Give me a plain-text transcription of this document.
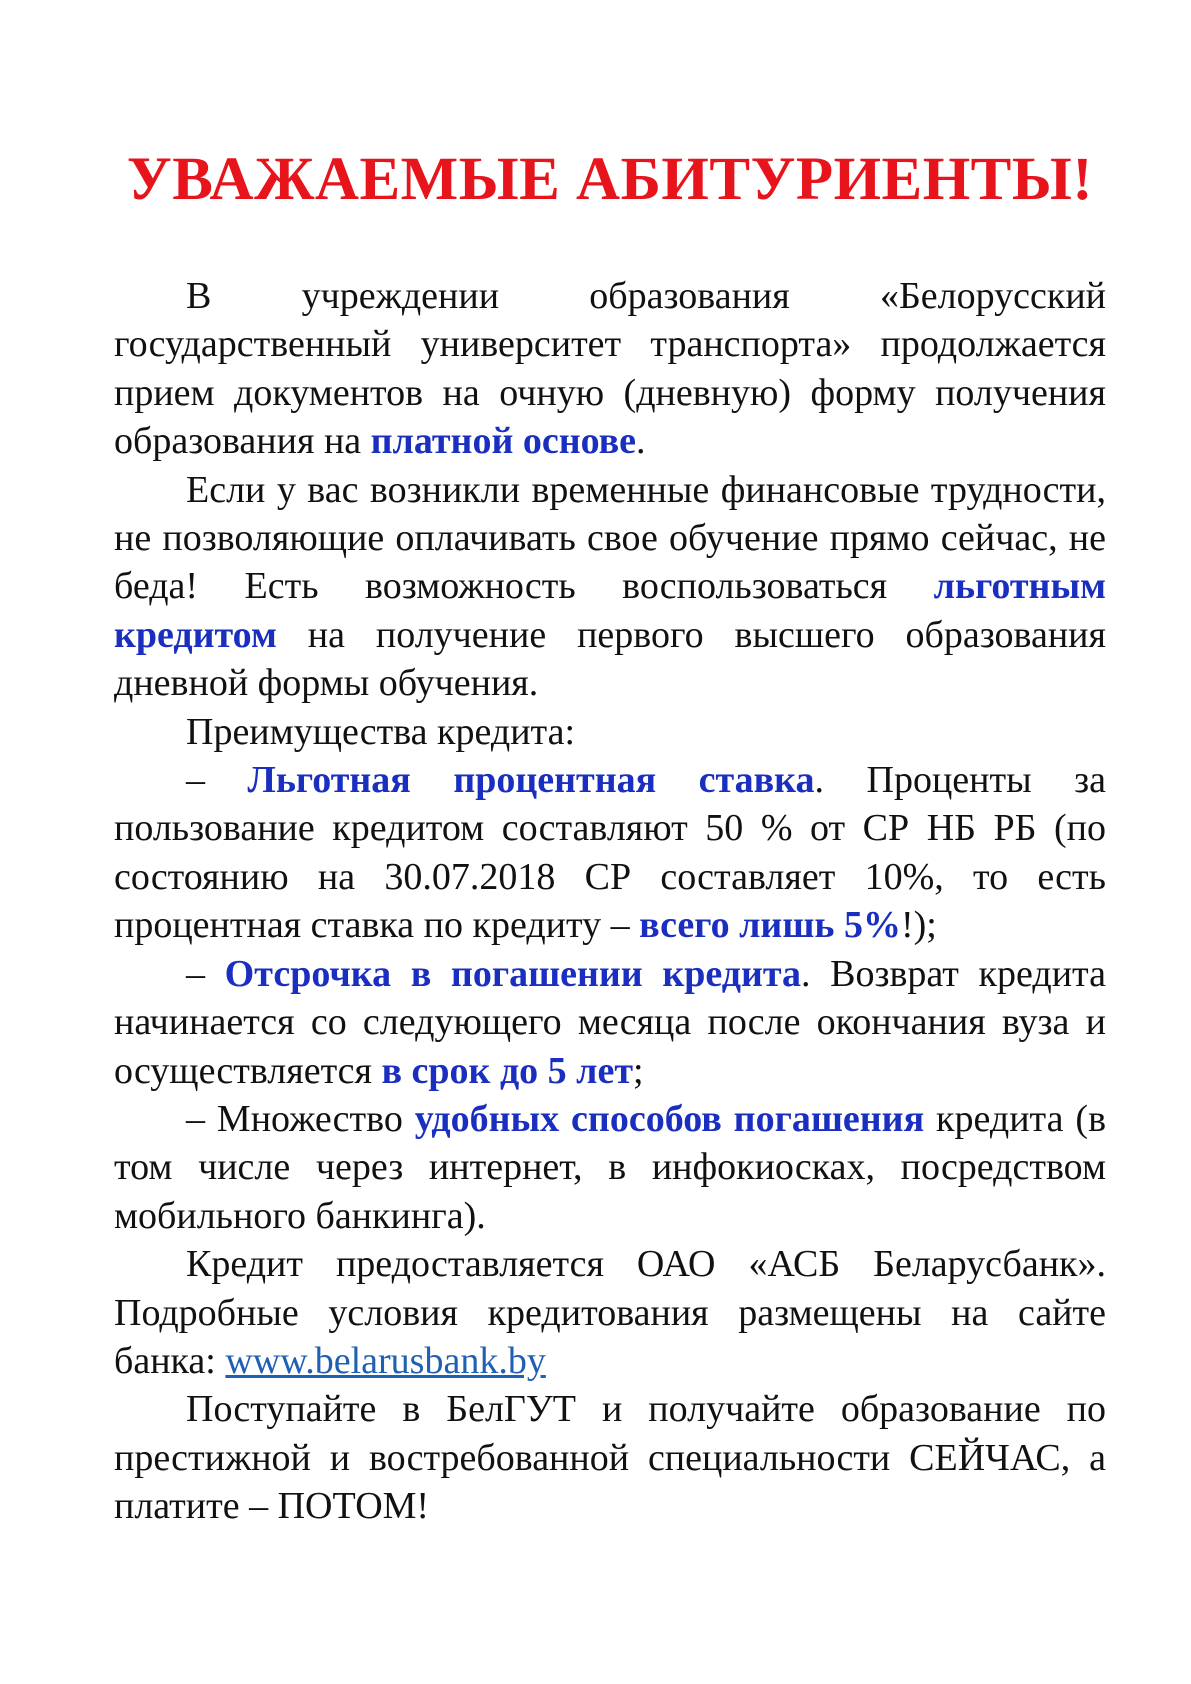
УВАЖАЕМЫЕ АБИТУРИЕНТЫ!

В учреждении образования «Белорусский государственный университет транспорта» продолжается прием документов на очную (дневную) форму получения образования на платной основе.

Если у вас возникли временные финансовые трудности, не позволяющие оплачивать свое обучение прямо сейчас, не беда! Есть возможность воспользоваться льготным кредитом на получение первого высшего образования дневной формы обучения.

Преимущества кредита:

– Льготная процентная ставка. Проценты за пользование кредитом составляют 50 % от СР НБ РБ (по состоянию на 30.07.2018 СР составляет 10%, то есть процентная ставка по кредиту – всего лишь 5%!);

– Отсрочка в погашении кредита. Возврат кредита начинается со следующего месяца после окончания вуза и осуществляется в срок до 5 лет;

– Множество удобных способов погашения кредита (в том числе через интернет, в инфокиосках, посредством мобильного банкинга).

Кредит предоставляется ОАО «АСБ Беларусбанк». Подробные условия кредитования размещены на сайте банка: www.belarusbank.by

Поступайте в БелГУТ и получайте образование по престижной и востребованной специальности СЕЙЧАС, а платите – ПОТОМ!
